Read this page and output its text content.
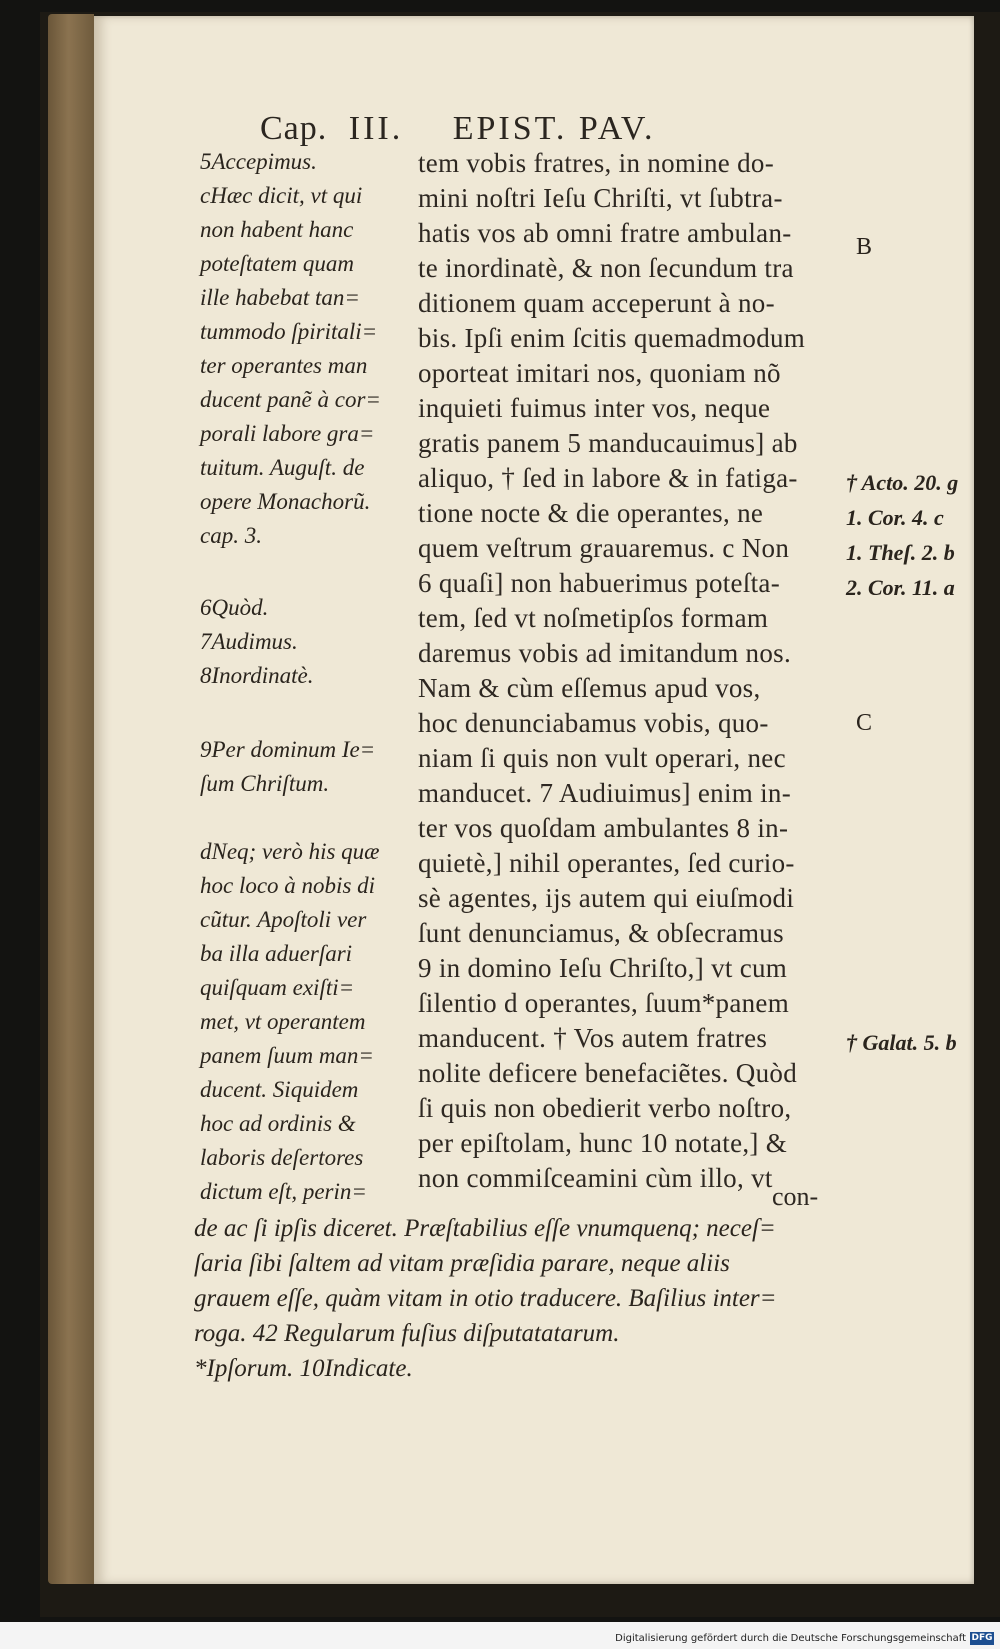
Cap. III. EPIST. PAV.
5Accepimus.
cHæc dicit, vt qui
non habent hanc
poteſtatem quam
ille habebat tan=
tummodo ſpiritali=
ter operantes man
ducent panẽ à cor=
porali labore gra=
tuitum. Auguſt. de
opere Monachorũ.
cap. 3.
6Quòd.
7Audimus.
8Inordinatè.
9Per dominum Ie=
ſum Chriſtum.
dNeq; verò his quæ
hoc loco à nobis di
cũtur. Apoſtoli ver
ba illa aduerſari
quiſquam exiſti=
met, vt operantem
panem ſuum man=
ducent. Siquidem
hoc ad ordinis &
laboris deſertores
dictum eſt, perin=
tem vobis fratres, in nomine do-
mini noſtri Ieſu Chriſti, vt ſubtra-
hatis vos ab omni fratre ambulan-
te inordinatè, & non ſecundum tra
ditionem quam acceperunt à no-
bis. Ipſi enim ſcitis quemadmodum
oporteat imitari nos, quoniam nõ
inquieti fuimus inter vos, neque
gratis panem 5 manducauimus] ab
aliquo, † ſed in labore & in fatiga-
tione nocte & die operantes, ne
quem veſtrum grauaremus. c Non
6 quaſi] non habuerimus poteſta-
tem, ſed vt noſmetipſos formam
daremus vobis ad imitandum nos.
Nam & cùm eſſemus apud vos,
hoc denunciabamus vobis, quo-
niam ſi quis non vult operari, nec
manducet. 7 Audiuimus] enim in-
ter vos quoſdam ambulantes 8 in-
quietè,] nihil operantes, ſed curio-
sè agentes, ijs autem qui eiuſmodi
ſunt denunciamus, & obſecramus
9 in domino Ieſu Chriſto,] vt cum
ſilentio d operantes, ſuum*panem
manducent. † Vos autem fratres
nolite deficere benefaciẽtes. Quòd
ſi quis non obedierit verbo noſtro,
per epiſtolam, hunc 10 notate,] &
non commiſceamini cùm illo, vt
con-
† Acto. 20. g
1. Cor. 4. c
1. Theſ. 2. b
2. Cor. 11. a
† Galat. 5. b
B
C
de ac ſi ipſis diceret. Præſtabilius eſſe vnumquenq; neceſ=
ſaria ſibi ſaltem ad vitam præſidia parare, neque aliis
grauem eſſe, quàm vitam in otio traducere. Baſilius inter=
roga. 42 Regularum fuſius diſputatatarum.
*Ipſorum. 10Indicate.
Digitalisierung gefördert durch die Deutsche Forschungsgemeinschaft DFG
